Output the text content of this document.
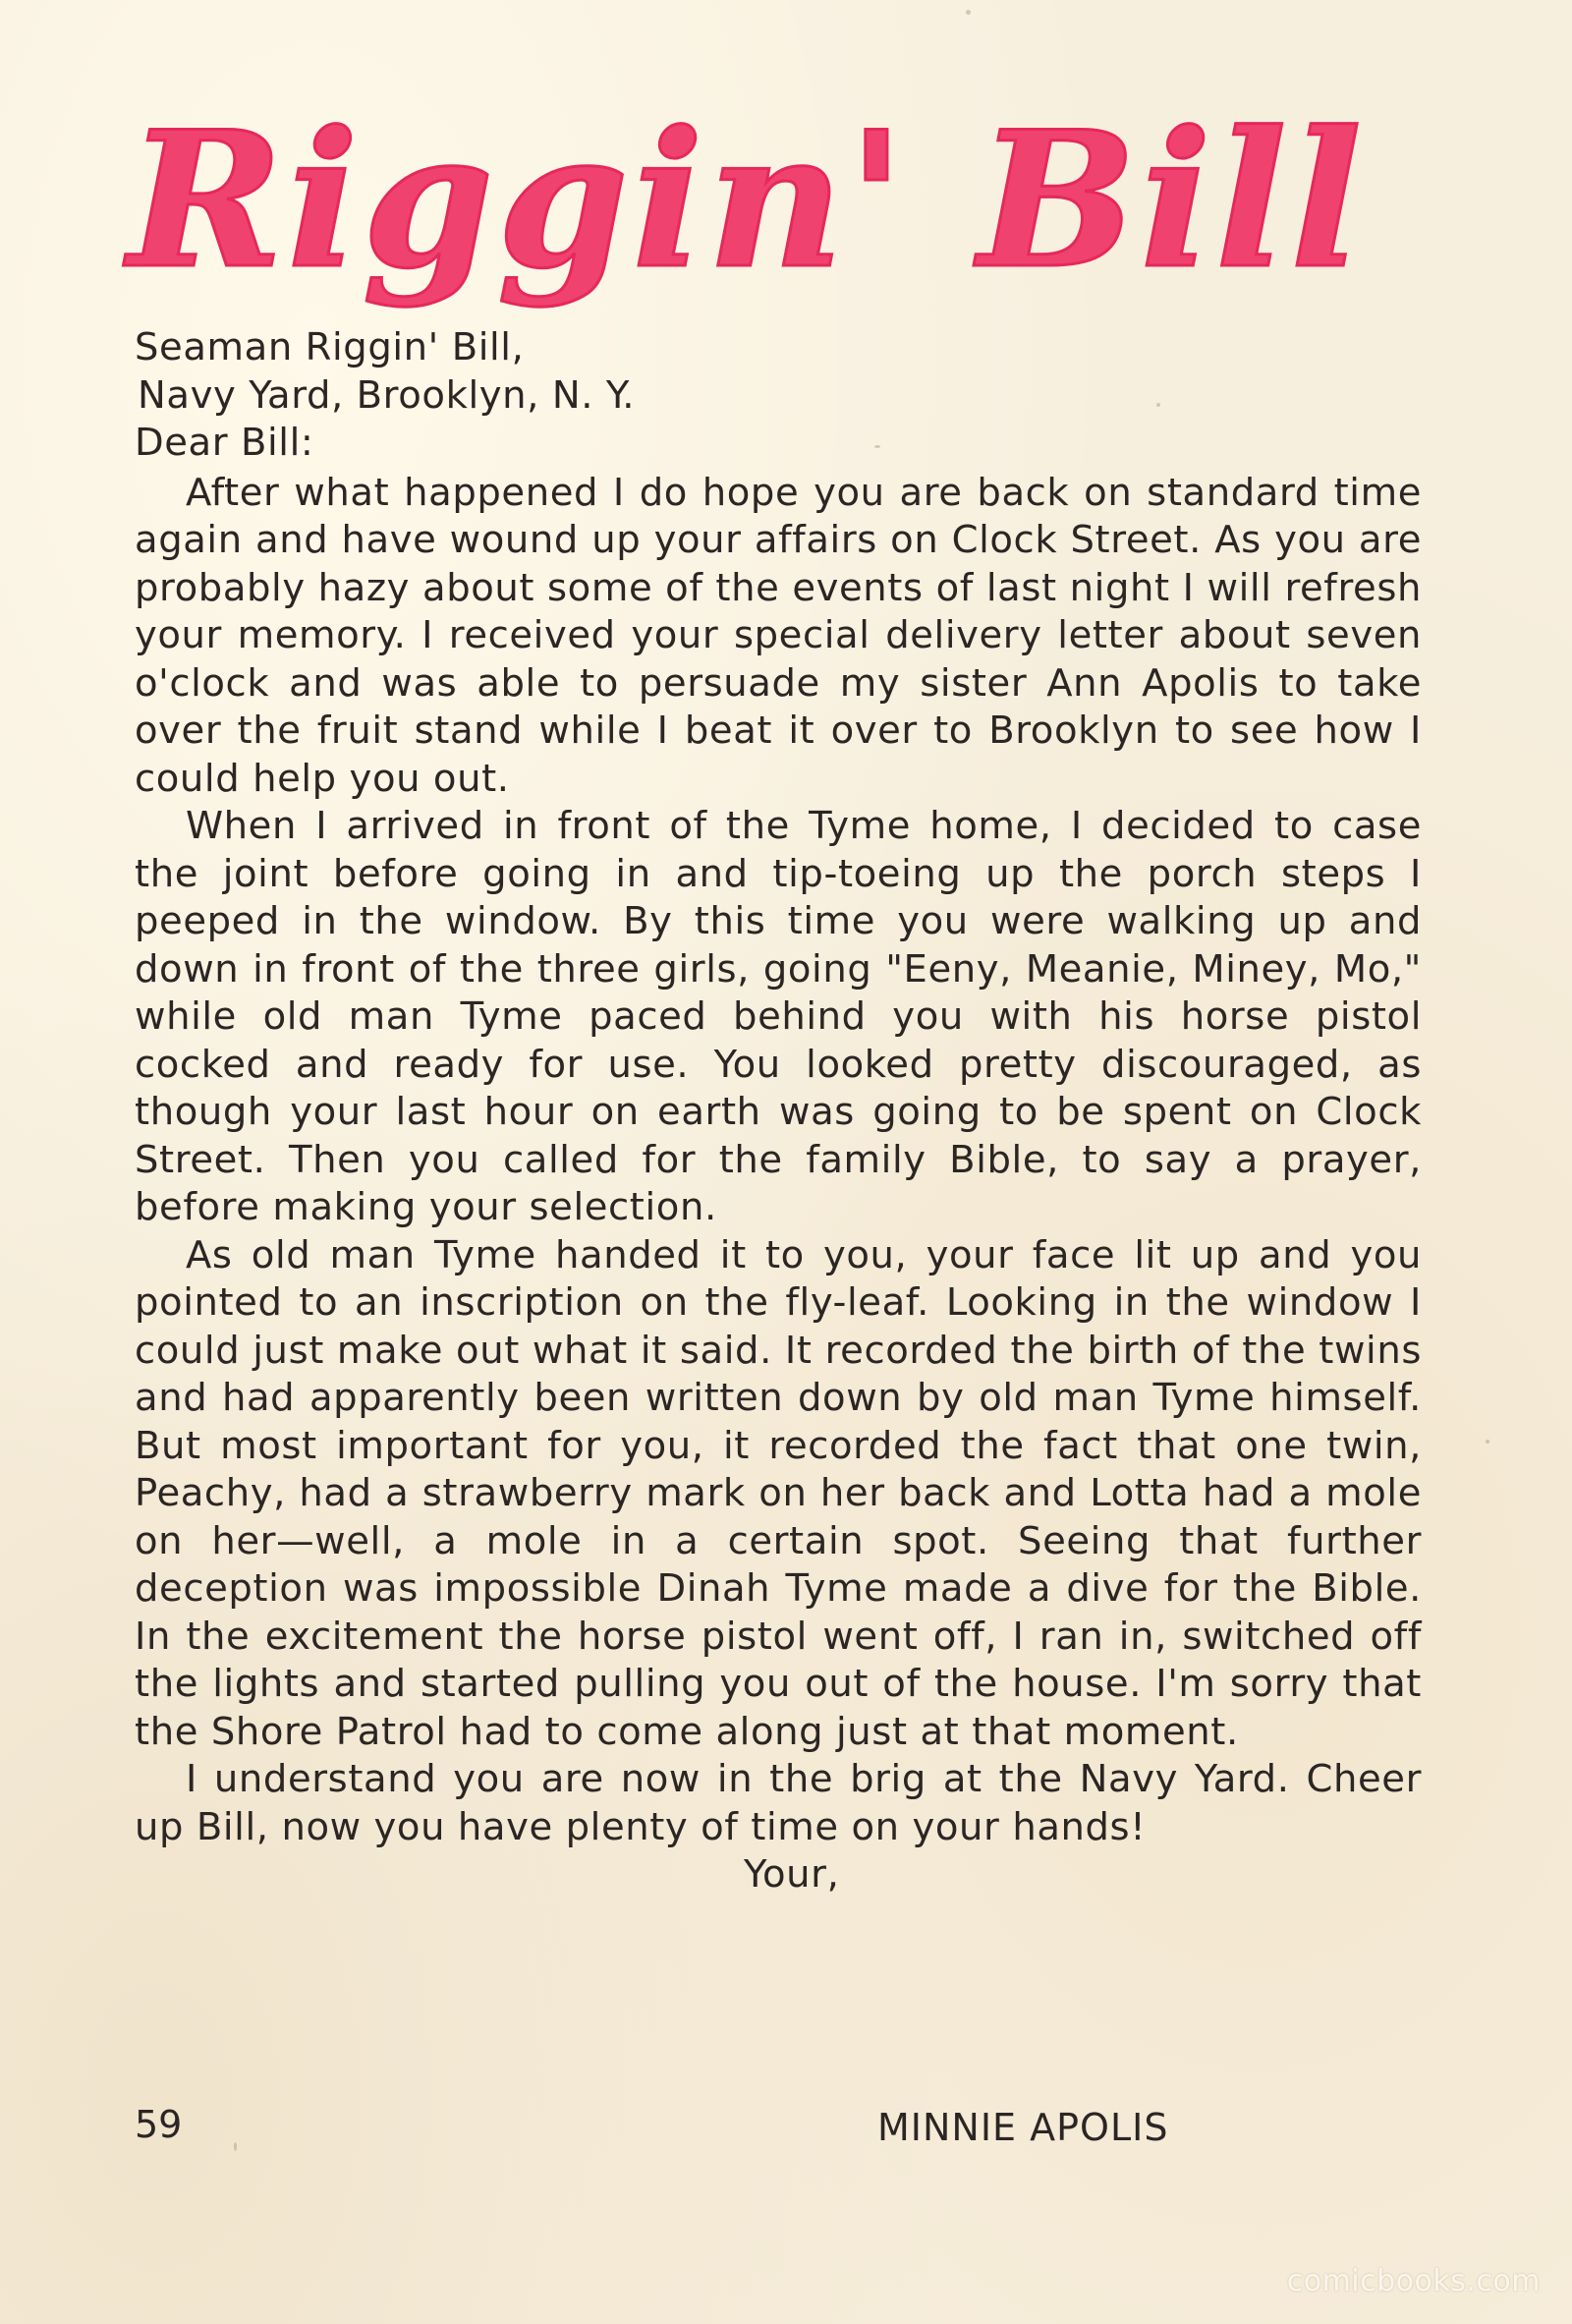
Riggin' Bill

Seaman Riggin' Bill,

Navy Yard, Brooklyn, N. Y.

Dear Bill:

After what happened I do hope you are back on standard time again and have wound up your affairs on Clock Street. As you are probably hazy about some of the events of last night I will refresh your memory. I received your special delivery letter about seven o'clock and was able to persuade my sister Ann Apolis to take over the fruit stand while I beat it over to Brooklyn to see how I could help you out.

When I arrived in front of the Tyme home, I decided to case the joint before going in and tip-toeing up the porch steps I peeped in the window. By this time you were walking up and down in front of the three girls, going "Eeny, Meanie, Miney, Mo," while old man Tyme paced behind you with his horse pistol cocked and ready for use. You looked pretty discouraged, as though your last hour on earth was going to be spent on Clock Street. Then you called for the family Bible, to say a prayer, before making your selection.

As old man Tyme handed it to you, your face lit up and you pointed to an inscription on the fly-leaf. Looking in the window I could just make out what it said. It recorded the birth of the twins and had apparently been written down by old man Tyme himself. But most important for you, it recorded the fact that one twin, Peachy, had a strawberry mark on her back and Lotta had a mole on her—well, a mole in a certain spot. Seeing that further deception was impossible Dinah Tyme made a dive for the Bible. In the excitement the horse pistol went off, I ran in, switched off the lights and started pulling you out of the house. I'm sorry that the Shore Patrol had to come along just at that moment.

I understand you are now in the brig at the Navy Yard. Cheer up Bill, now you have plenty of time on your hands!

Your,

59	MINNIE APOLIS
comicbooks.com
